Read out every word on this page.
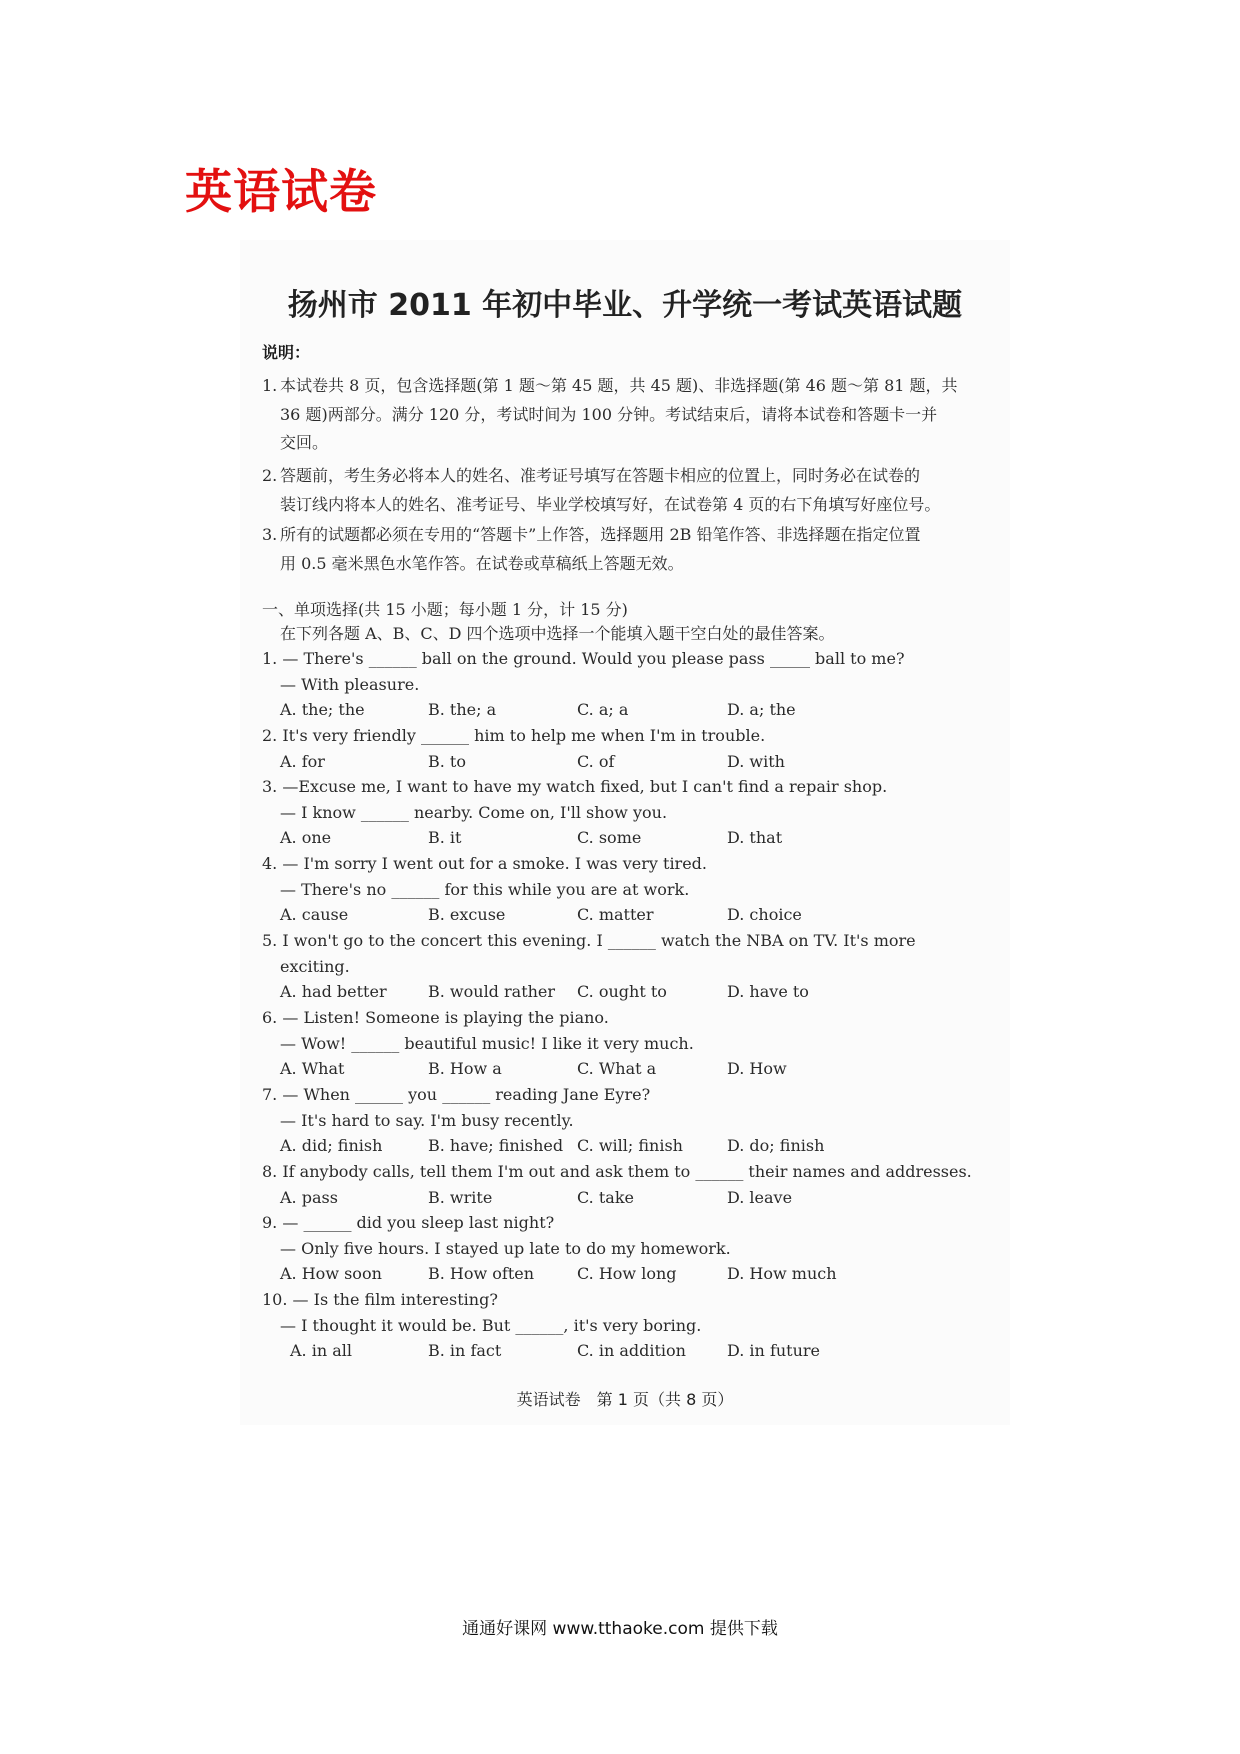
英语试卷
扬州市 2011 年初中毕业、升学统一考试英语试题
说明：
1. 本试卷共 8 页，包含选择题(第 1 题～第 45 题，共 45 题)、非选择题(第 46 题～第 81 题，共
36 题)两部分。满分 120 分，考试时间为 100 分钟。考试结束后，请将本试卷和答题卡一并
交回。
2. 答题前，考生务必将本人的姓名、准考证号填写在答题卡相应的位置上，同时务必在试卷的
装订线内将本人的姓名、准考证号、毕业学校填写好，在试卷第 4 页的右下角填写好座位号。
3. 所有的试题都必须在专用的“答题卡”上作答，选择题用 2B 铅笔作答、非选择题在指定位置
用 0.5 毫米黑色水笔作答。在试卷或草稿纸上答题无效。
一、单项选择(共 15 小题；每小题 1 分，计 15 分)
在下列各题 A、B、C、D 四个选项中选择一个能填入题干空白处的最佳答案。
1. — There's ______ ball on the ground. Would you please pass _____ ball to me?
— With pleasure.
A. the; the	B. the; a	C. a; a	D. a; the
2. It's very friendly ______ him to help me when I'm in trouble.
A. for	B. to	C. of	D. with
3. —Excuse me, I want to have my watch fixed, but I can't find a repair shop.
— I know ______ nearby. Come on, I'll show you.
A. one	B. it	C. some	D. that
4. — I'm sorry I went out for a smoke. I was very tired.
— There's no ______ for this while you are at work.
A. cause	B. excuse	C. matter	D. choice
5. I won't go to the concert this evening. I ______ watch the NBA on TV. It's more
exciting.
A. had better	B. would rather C. ought to	D. have to
6. — Listen! Someone is playing the piano.
— Wow! ______ beautiful music! I like it very much.
A. What	B. How a	C. What a	D. How
7. — When ______ you ______ reading Jane Eyre?
— It's hard to say. I'm busy recently.
A. did; finish	B. have; finished C. will; finish	D. do; finish
8. If anybody calls, tell them I'm out and ask them to ______ their names and addresses.
A. pass	B. write	C. take	D. leave
9. — ______ did you sleep last night?
— Only five hours. I stayed up late to do my homework.
A. How soon	B. How often	C. How long	D. How much
10. — Is the film interesting?
— I thought it would be. But ______, it's very boring.
A. in all	B. in fact	C. in addition	D. in future
英语试卷　第 1 页（共 8 页）
通通好课网 www.tthaoke.com 提供下载
